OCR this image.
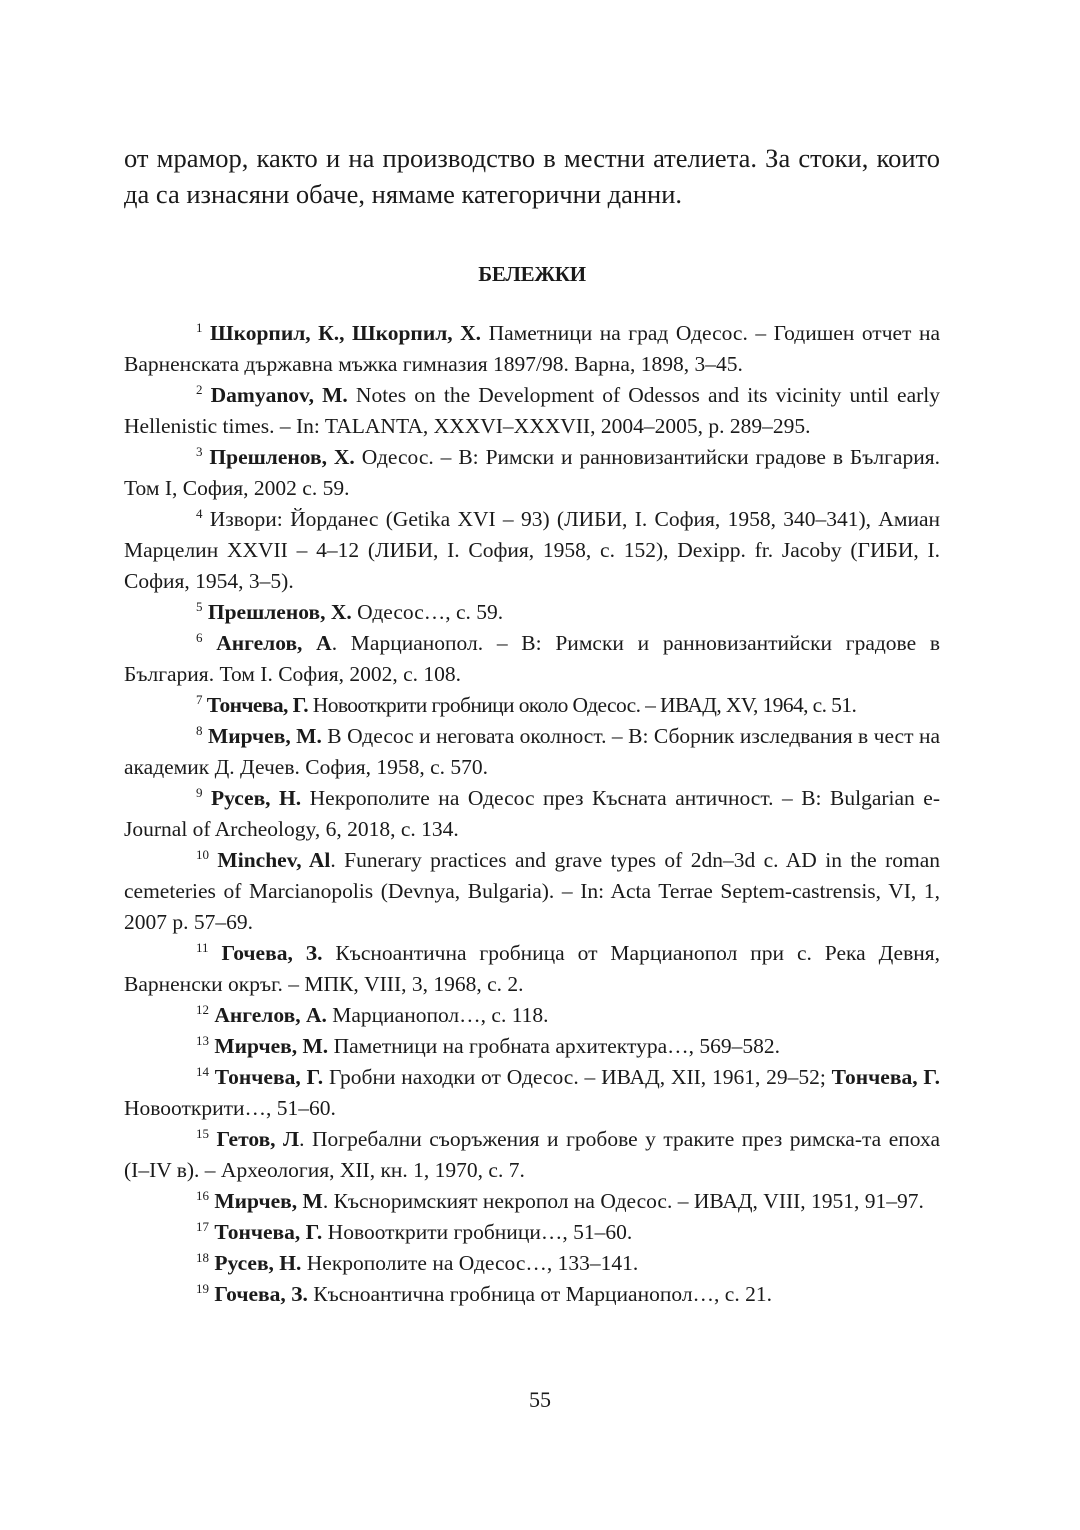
от мрамор, както и на производство в местни ателиета. За стоки, които да са изнасяни обаче, нямаме категорични данни.

БЕЛЕЖКИ

$^1$ Шкорпил, К., Шкорпил, Х. Паметници на град Одесос. – Годишен отчет на Варненската държавна мъжка гимназия 1897/98. Варна, 1898, 3–45.

$^2$ Damyanov, M. Notes on the Development of Odessos and its vicinity until early Hellenistic times. – In: TALANTA, XXXVI–XXXVII, 2004–2005, p. 289–295.

$^3$ Прешленов, Х. Одесос. – В: Римски и ранновизантийски градове в България. Том I, София, 2002 с. 59.

$^4$ Извори: Йорданес (Getika XVI – 93) (ЛИБИ, I. София, 1958, 340–341), Амиан Марцелин XXVII – 4–12 (ЛИБИ, I. София, 1958, с. 152), Dexipp. fr. Jacoby (ГИБИ, I. София, 1954, 3–5).

$^5$ Прешленов, Х. Одесос…, с. 59.

$^6$ Ангелов, А. Марцианопол. – В: Римски и ранновизантийски градове в България. Том I. София, 2002, с. 108.

$^7$ Тончева, Г. Новооткрити гробници около Одесос. – ИВАД, XV, 1964, с. 51.

$^8$ Мирчев, М. В Одесос и неговата околност. – В: Сборник изследвания в чест на академик Д. Дечев. София, 1958, с. 570.

$^9$ Русев, Н. Некрополите на Одесос през Късната античност. – В: Bulgarian e-Journal of Archeology, 6, 2018, с. 134.

$^{10}$ Minchev, Al. Funerary practices and grave types of 2dn–3d c. AD in the roman cemeteries of Marcianopolis (Devnya, Bulgaria). – In: Acta Terrae Septem-castrensis, VI, 1, 2007 p. 57–69.

$^{11}$ Гочева, З. Късноантична гробница от Марцианопол при с. Река Девня, Варненски окръг. – МПК, VIII, 3, 1968, с. 2.

$^{12}$ Ангелов, А. Марцианопол…, с. 118.

$^{13}$ Мирчев, М. Паметници на гробната архитектура…, 569–582.

$^{14}$ Тончева, Г. Гробни находки от Одесос. – ИВАД, XII, 1961, 29–52; Тончева, Г. Новооткрити…, 51–60.

$^{15}$ Гетов, Л. Погребални съоръжения и гробове у траките през римска-та епоха (I–IV в). – Археология, XII, кн. 1, 1970, с. 7.

$^{16}$ Мирчев, М. Късноримският некропол на Одесос. – ИВАД, VIII, 1951, 91–97.

$^{17}$ Тончева, Г. Новооткрити гробници…, 51–60.

$^{18}$ Русев, Н. Некрополите на Одесос…, 133–141.

$^{19}$ Гочева, З. Късноантична гробница от Марцианопол…, с. 21.

55
